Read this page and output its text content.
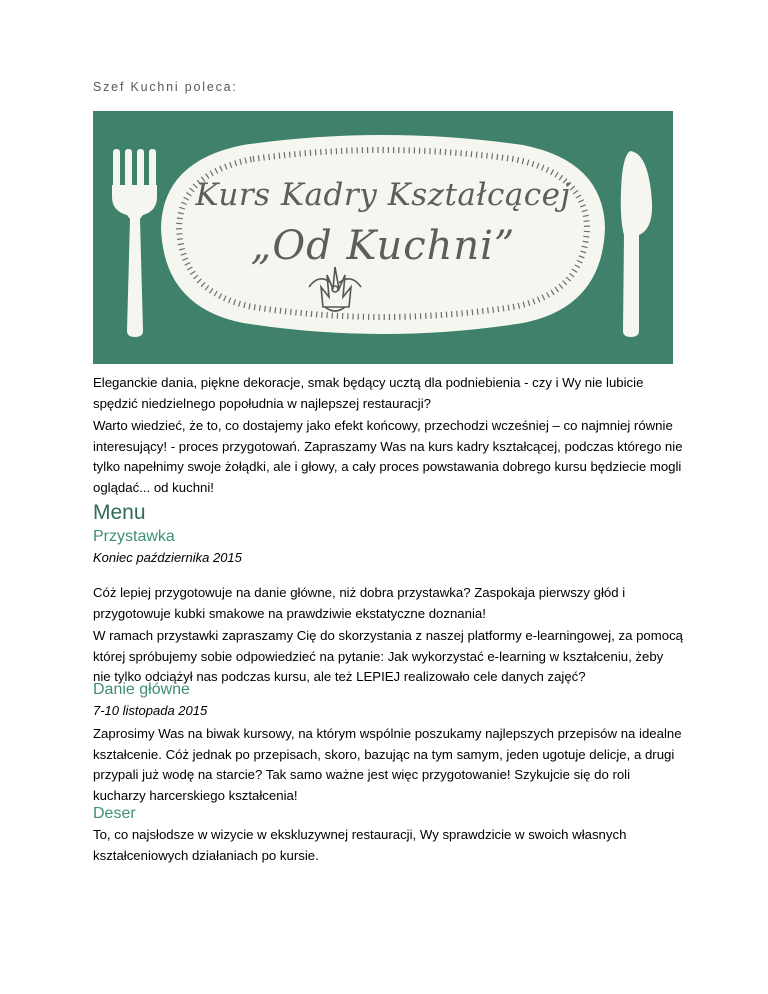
Szef Kuchni poleca:
Kurs Kadry Kształcącej
„Od Kuchni”

Eleganckie dania, piękne dekoracje, smak będący ucztą dla podniebienia - czy i Wy nie lubicie spędzić niedzielnego popołudnia w najlepszej restauracji?

Warto wiedzieć, że to, co dostajemy jako efekt końcowy, przechodzi wcześniej – co najmniej równie interesujący! - proces przygotowań. Zapraszamy Was na kurs kadry kształcącej, podczas którego nie tylko napełnimy swoje żołądki, ale i głowy, a cały proces powstawania dobrego kursu będziecie mogli oglądać... od kuchni!

Menu
Przystawka
Koniec października 2015

Cóż lepiej przygotowuje na danie główne, niż dobra przystawka? Zaspokaja pierwszy głód i przygotowuje kubki smakowe na prawdziwie ekstatyczne doznania!

W ramach przystawki zapraszamy Cię do skorzystania z naszej platformy e-learningowej, za pomocą której spróbujemy sobie odpowiedzieć na pytanie: Jak wykorzystać e-learning w kształceniu, żeby nie tylko odciążył nas podczas kursu, ale też LEPIEJ realizowało cele danych zajęć?

Danie główne
7-10 listopada 2015

Zaprosimy Was na biwak kursowy, na którym wspólnie poszukamy najlepszych przepisów na idealne kształcenie. Cóż jednak po przepisach, skoro, bazując na tym samym, jeden ugotuje delicje, a drugi przypali już wodę na starcie? Tak samo ważne jest więc przygotowanie! Szykujcie się do roli kucharzy harcerskiego kształcenia!

Deser

To, co najsłodsze w wizycie w ekskluzywnej restauracji, Wy sprawdzicie w swoich własnych kształceniowych działaniach po kursie.
